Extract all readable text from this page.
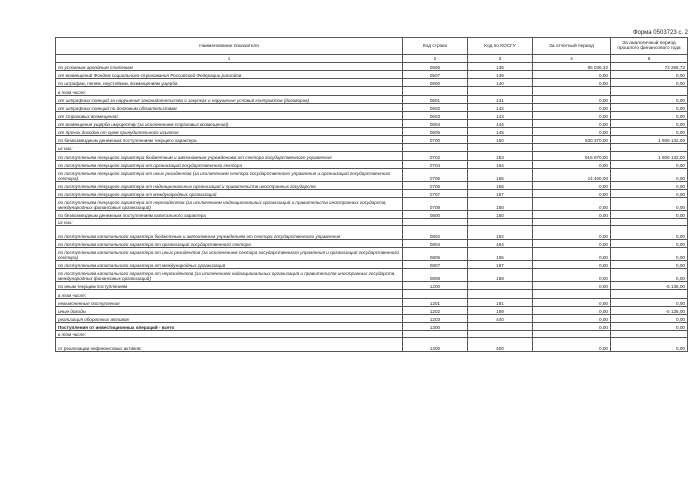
Форма 0503723 с. 2
Наименование показателя	Код строки	Код по КОСГУ	За отчетный период	За аналогичный период прошлого финансового года
1	2	3	4	5
по условным арендным платежам	0506	135	86 036,32	73 268,72
от возмещений Фондом социального страхования Российской Федерации расходов	0507	139	0,00	0,00
по штрафам, пеням, неустойкам, возмещениям ущерба	0600	140	0,00	0,00
в том числе:				
от штрафных санкций за нарушение законодательства о закупках и нарушение условий контрактов (договоров)	0601	141	0,00	0,00
от штрафных санкций по долговым обязательствам	0602	142	0,00	0,00
от страховых возмещений	0603	143	0,00	0,00
от возмещения ущерба имуществу (за исключением страховых возмещений)	0604	144	0,00	0,00
от прочих доходов от сумм принудительного изъятия	0605	145	0,00	0,00
по безвозмездным денежным поступлениям текущего характера	0700	150	930 370,00	1 608 132,00
из них:				
по поступлениям текущего характера бюджетным и автономным учреждениям от сектора государственного управления	0702	153	915 970,00	1 608 132,00
по поступлениям текущего характера от организаций государственного сектора	0704	154	0,00	0,00
по поступлениям текущего характера от иных резидентов (за исключением сектора государственного управления и организаций государственного сектора)	0705	155	14 400,00	0,00
по поступлениям текущего характера от наднациональных организаций и правительств иностранных государств	0706	156	0,00	0,00
по поступлениям текущего характера от международных организаций	0707	157	0,00	0,00
по поступлениям текущего характера от нерезидентов (за исключением наднациональных организаций и правительств иностранных государств, международных финансовых организаций)	0708	158	0,00	0,00
по безвозмездным денежным поступлениям капитального характера	0800	160	0,00	0,00
из них:				
по поступлениям капитального характера бюджетным и автономным учреждениям от сектора государственного управления	0802	162	0,00	0,00
по поступлениям капитального характера от организаций государственного сектора	0804	164	0,00	0,00
по поступлениям капитального характера от иных резидентов (за исключением сектора государственного управления и организаций государственного сектора)	0805	165	0,00	0,00
по поступлениям капитального характера от международных организаций	0807	167	0,00	0,00
по поступлениям капитального характера от нерезидентов (за исключением наднациональных организаций и правительств иностранных государств, международных финансовых организаций)	0808	168	0,00	0,00
по иным текущим поступлениям	1200		0,00	-5 136,00
в том числе:				
невыясненные поступления	1201	181	0,00	0,00
иные доходы	1202	189	0,00	-5 136,00
реализация оборотных активов	1203	440	0,00	0,00
Поступления от инвестиционных операций - всего	1300		0,00	0,00
в том числе:				
от реализации нефинансовых активов:	1400	400	0,00	0,00
